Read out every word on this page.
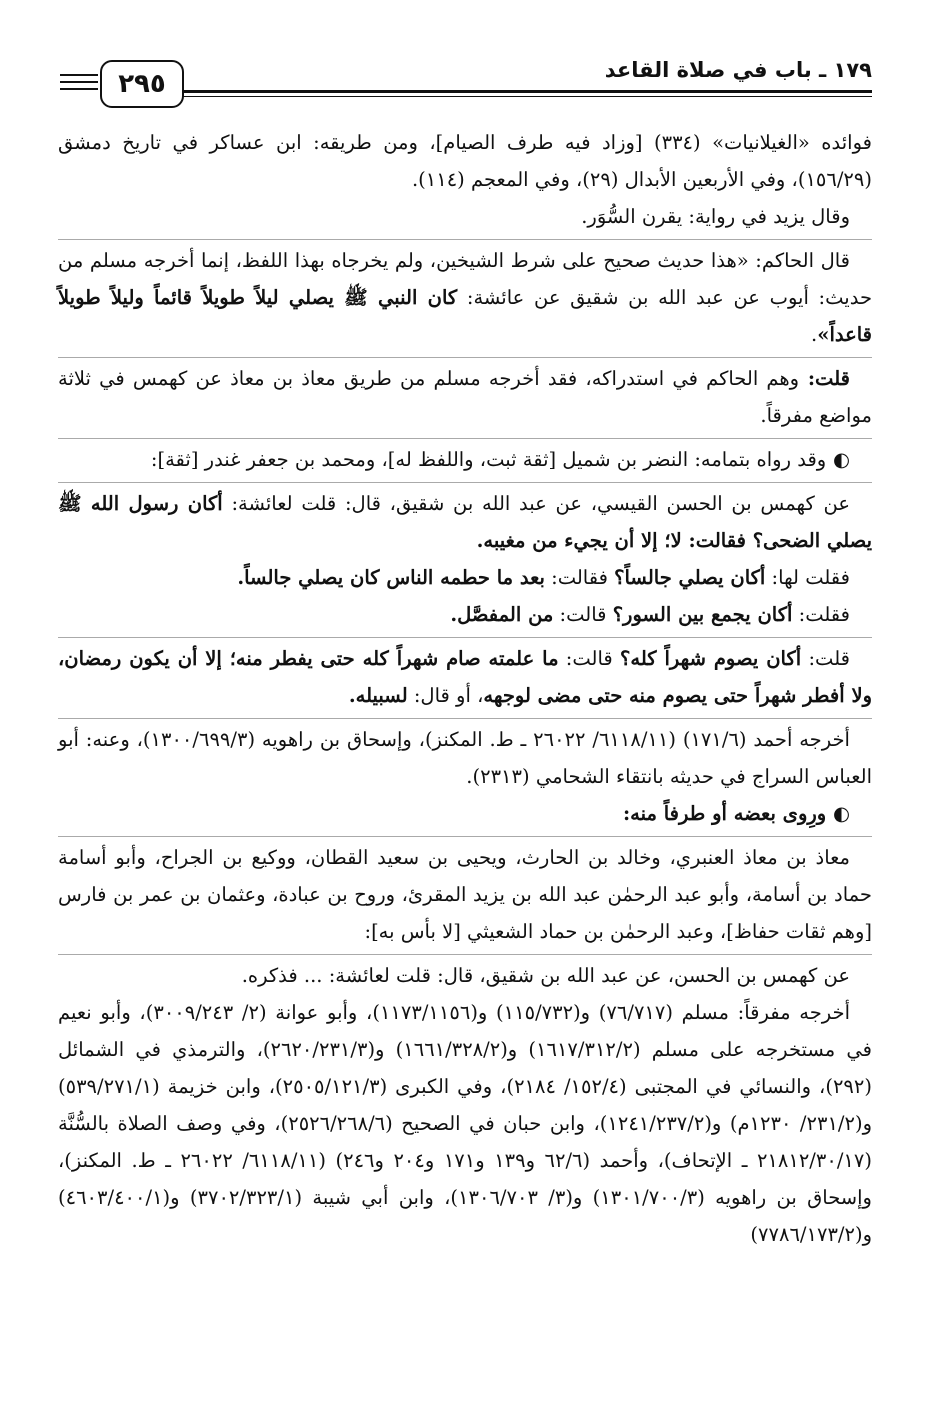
٢٩٥	١٧٩ ـ باب في صلاة القاعد

فوائده «الغيلانيات» (٣٣٤) [وزاد فيه طرف الصيام]، ومن طريقه: ابن عساكر في تاريخ دمشق (١٥٦/٢٩)، وفي الأربعين الأبدال (٢٩)، وفي المعجم (١١٤).

وقال يزيد في رواية: يقرن السُّوَر.

قال الحاكم: «هذا حديث صحيح على شرط الشيخين، ولم يخرجاه بهذا اللفظ، إنما أخرجه مسلم من حديث: أيوب عن عبد الله بن شقيق عن عائشة: كان النبي ﷺ يصلي ليلاً طويلاً قائماً وليلاً طويلاً قاعداً».

قلت: وهم الحاكم في استدراكه، فقد أخرجه مسلم من طريق معاذ بن معاذ عن كهمس في ثلاثة مواضع مفرقاً.

◐ وقد رواه بتمامه: النضر بن شميل [ثقة ثبت، واللفظ له]، ومحمد بن جعفر غندر [ثقة]:

عن كهمس بن الحسن القيسي، عن عبد الله بن شقيق، قال: قلت لعائشة: أكان رسول الله ﷺ يصلي الضحى؟ فقالت: لا؛ إلا أن يجيء من مغيبه.

فقلت لها: أكان يصلي جالساً؟ فقالت: بعد ما حطمه الناس كان يصلي جالساً.

فقلت: أكان يجمع بين السور؟ قالت: من المفصَّل.

قلت: أكان يصوم شهراً كله؟ قالت: ما علمته صام شهراً كله حتى يفطر منه؛ إلا أن يكون رمضان، ولا أفطر شهراً حتى يصوم منه حتى مضى لوجهه، أو قال: لسبيله.

أخرجه أحمد (١٧١/٦) (٦١١٨/١١/ ٢٦٠٢٢ ـ ط. المكنز)، وإسحاق بن راهويه (١٣٠٠/٦٩٩/٣)، وعنه: أبو العباس السراج في حديثه بانتقاء الشحامي (٢٣١٣).

◐ ورِوى بعضه أو طرفاً منه:

معاذ بن معاذ العنبري، وخالد بن الحارث، ويحيى بن سعيد القطان، ووكيع بن الجراح، وأبو أسامة حماد بن أسامة، وأبو عبد الرحمٰن عبد الله بن يزيد المقرئ، وروح بن عبادة، وعثمان بن عمر بن فارس [وهم ثقات حفاظ]، وعبد الرحمٰن بن حماد الشعيثي [لا بأس به]:

عن كهمس بن الحسن، عن عبد الله بن شقيق، قال: قلت لعائشة: ... فذكره.

أخرجه مفرقاً: مسلم (٧٦/٧١٧) و(١١٥/٧٣٢) و(١١٧٣/١١٥٦)، وأبو عوانة (٢/ ٣٠٠٩/٢٤٣)، وأبو نعيم في مستخرجه على مسلم (١٦١٧/٣١٢/٢) و(١٦٦١/٣٢٨/٢) و(٢٦٢٠/٢٣١/٣)، والترمذي في الشمائل (٢٩٢)، والنسائي في المجتبى (١٥٢/٤/ ٢١٨٤)، وفي الكبرى (٢٥٠٥/١٢١/٣)، وابن خزيمة (٥٣٩/٢٧١/١) و(٢٣١/٢/ ١٢٣٠م) و(١٢٤١/٢٣٧/٢)، وابن حبان في الصحيح (٢٥٢٦/٢٦٨/٦)، وفي وصف الصلاة بالسُّنَّة (٢١٨١٢/٣٠/١٧ ـ الإتحاف)، وأحمد (٦٢/٦ و١٣٩ و١٧١ و٢٠٤ و٢٤٦) (٦١١٨/١١/ ٢٦٠٢٢ ـ ط. المكنز)، وإسحاق بن راهويه (١٣٠١/٧٠٠/٣) و(٣/ ١٣٠٦/٧٠٣)، وابن أبي شيبة (٣٧٠٢/٣٢٣/١) و(٤٦٠٣/٤٠٠/١) و(٧٧٨٦/١٧٣/٢)
